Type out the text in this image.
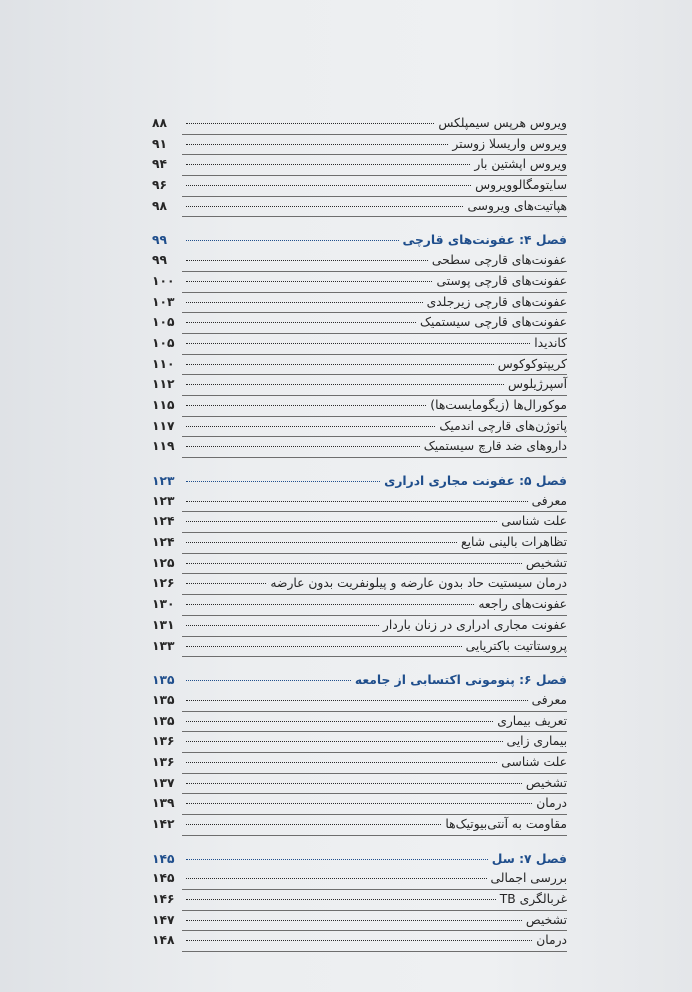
ویروس هرپس سیمپلکس
۸۸
ویروس واریسلا زوستر
۹۱
ویروس اپشتین بار
۹۴
سایتومگالوویروس
۹۶
هپاتیت‌های ویروسی
۹۸
فصل ۴: عفونت‌های قارچی
۹۹
عفونت‌های قارچی سطحی
۹۹
عفونت‌های قارچی پوستی
۱۰۰
عفونت‌های قارچی زیرجلدی
۱۰۳
عفونت‌های قارچی سیستمیک
۱۰۵
کاندیدا
۱۰۵
کریپتوکوکوس
۱۱۰
آسپرژیلوس
۱۱۲
موکورال‌ها (زیگومایست‌ها)
۱۱۵
پاتوژن‌های قارچی اندمیک
۱۱۷
داروهای ضد قارچ سیستمیک
۱۱۹
فصل ۵: عفونت مجاری ادراری
۱۲۳
معرفی
۱۲۳
علت شناسی
۱۲۴
تظاهرات بالینی شایع
۱۲۴
تشخیص
۱۲۵
درمان سیستیت حاد بدون عارضه و پیلونفریت بدون عارضه
۱۲۶
عفونت‌های راجعه
۱۳۰
عفونت مجاری ادراری در زنان باردار
۱۳۱
پروستاتیت باکتریایی
۱۳۳
فصل ۶: پنومونی اکتسابی از جامعه
۱۳۵
معرفی
۱۳۵
تعریف بیماری
۱۳۵
بیماری زایی
۱۳۶
علت شناسی
۱۳۶
تشخیص
۱۳۷
درمان
۱۳۹
مقاومت به آنتی‌بیوتیک‌ها
۱۴۲
فصل ۷: سل
۱۴۵
بررسی اجمالی
۱۴۵
غربالگری TB
۱۴۶
تشخیص
۱۴۷
درمان
۱۴۸
